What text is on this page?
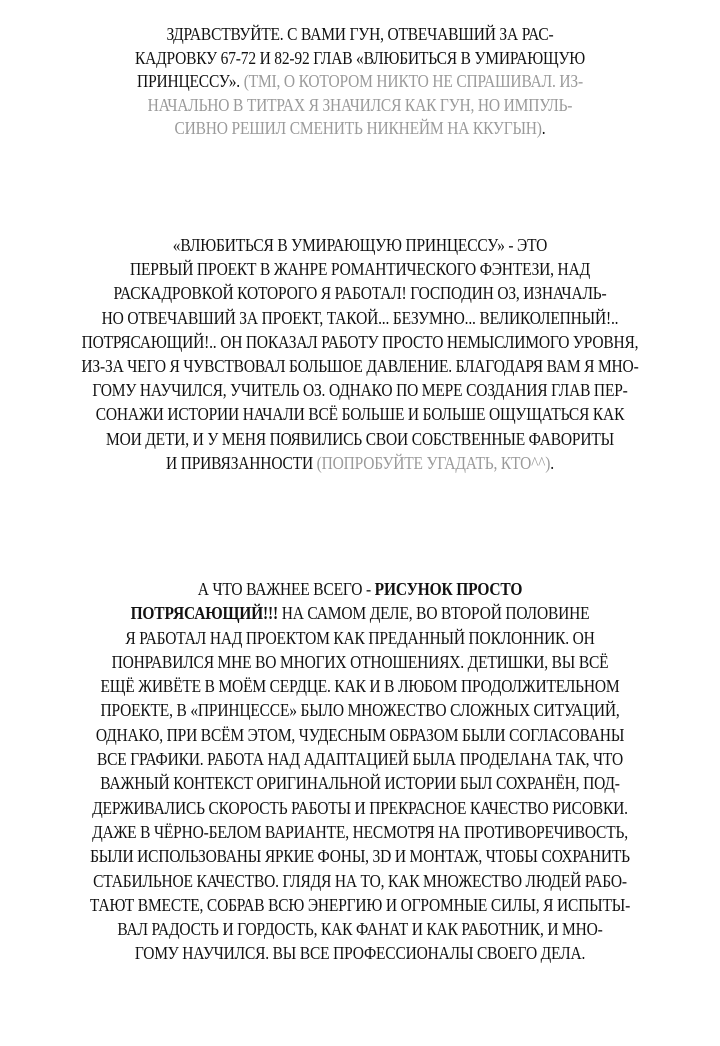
ЗДРАВСТВУЙТЕ. С ВАМИ ГУН, ОТВЕЧАВШИЙ ЗА РАС-
КАДРОВКУ 67-72 И 82-92 ГЛАВ «ВЛЮБИТЬСЯ В УМИРАЮЩУЮ
ПРИНЦЕССУ». (TMI, О КОТОРОМ НИКТО НЕ СПРАШИВАЛ. ИЗ-
НАЧАЛЬНО В ТИТРАХ Я ЗНАЧИЛСЯ КАК ГУН, НО ИМПУЛЬ-
СИВНО РЕШИЛ СМЕНИТЬ НИКНЕЙМ НА ККУГЫН).
«ВЛЮБИТЬСЯ В УМИРАЮЩУЮ ПРИНЦЕССУ» - ЭТО
ПЕРВЫЙ ПРОЕКТ В ЖАНРЕ РОМАНТИЧЕСКОГО ФЭНТЕЗИ, НАД
РАСКАДРОВКОЙ КОТОРОГО Я РАБОТАЛ! ГОСПОДИН ОЗ, ИЗНАЧАЛЬ-
НО ОТВЕЧАВШИЙ ЗА ПРОЕКТ, ТАКОЙ... БЕЗУМНО... ВЕЛИКОЛЕПНЫЙ!..
ПОТРЯСАЮЩИЙ!.. ОН ПОКАЗАЛ РАБОТУ ПРОСТО НЕМЫСЛИМОГО УРОВНЯ,
ИЗ-ЗА ЧЕГО Я ЧУВСТВОВАЛ БОЛЬШОЕ ДАВЛЕНИЕ. БЛАГОДАРЯ ВАМ Я МНО-
ГОМУ НАУЧИЛСЯ, УЧИТЕЛЬ ОЗ. ОДНАКО ПО МЕРЕ СОЗДАНИЯ ГЛАВ ПЕР-
СОНАЖИ ИСТОРИИ НАЧАЛИ ВСЁ БОЛЬШЕ И БОЛЬШЕ ОЩУЩАТЬСЯ КАК
МОИ ДЕТИ, И У МЕНЯ ПОЯВИЛИСЬ СВОИ СОБСТВЕННЫЕ ФАВОРИТЫ
И ПРИВЯЗАННОСТИ (ПОПРОБУЙТЕ УГАДАТЬ, КТО^^).
А ЧТО ВАЖНЕЕ ВСЕГО - РИСУНОК ПРОСТО
ПОТРЯСАЮЩИЙ!!! НА САМОМ ДЕЛЕ, ВО ВТОРОЙ ПОЛОВИНЕ
Я РАБОТАЛ НАД ПРОЕКТОМ КАК ПРЕДАННЫЙ ПОКЛОННИК. ОН
ПОНРАВИЛСЯ МНЕ ВО МНОГИХ ОТНОШЕНИЯХ. ДЕТИШКИ, ВЫ ВСЁ
ЕЩЁ ЖИВЁТЕ В МОЁМ СЕРДЦЕ. КАК И В ЛЮБОМ ПРОДОЛЖИТЕЛЬНОМ
ПРОЕКТЕ, В «ПРИНЦЕССЕ» БЫЛО МНОЖЕСТВО СЛОЖНЫХ СИТУАЦИЙ,
ОДНАКО, ПРИ ВСЁМ ЭТОМ, ЧУДЕСНЫМ ОБРАЗОМ БЫЛИ СОГЛАСОВАНЫ
ВСЕ ГРАФИКИ. РАБОТА НАД АДАПТАЦИЕЙ БЫЛА ПРОДЕЛАНА ТАК, ЧТО
ВАЖНЫЙ КОНТЕКСТ ОРИГИНАЛЬНОЙ ИСТОРИИ БЫЛ СОХРАНЁН, ПОД-
ДЕРЖИВАЛИСЬ СКОРОСТЬ РАБОТЫ И ПРЕКРАСНОЕ КАЧЕСТВО РИСОВКИ.
ДАЖЕ В ЧЁРНО-БЕЛОМ ВАРИАНТЕ, НЕСМОТРЯ НА ПРОТИВОРЕЧИВОСТЬ,
БЫЛИ ИСПОЛЬЗОВАНЫ ЯРКИЕ ФОНЫ, 3D И МОНТАЖ, ЧТОБЫ СОХРАНИТЬ
СТАБИЛЬНОЕ КАЧЕСТВО. ГЛЯДЯ НА ТО, КАК МНОЖЕСТВО ЛЮДЕЙ РАБО-
ТАЮТ ВМЕСТЕ, СОБРАВ ВСЮ ЭНЕРГИЮ И ОГРОМНЫЕ СИЛЫ, Я ИСПЫТЫ-
ВАЛ РАДОСТЬ И ГОРДОСТЬ, КАК ФАНАТ И КАК РАБОТНИК, И МНО-
ГОМУ НАУЧИЛСЯ. ВЫ ВСЕ ПРОФЕССИОНАЛЫ СВОЕГО ДЕЛА.
